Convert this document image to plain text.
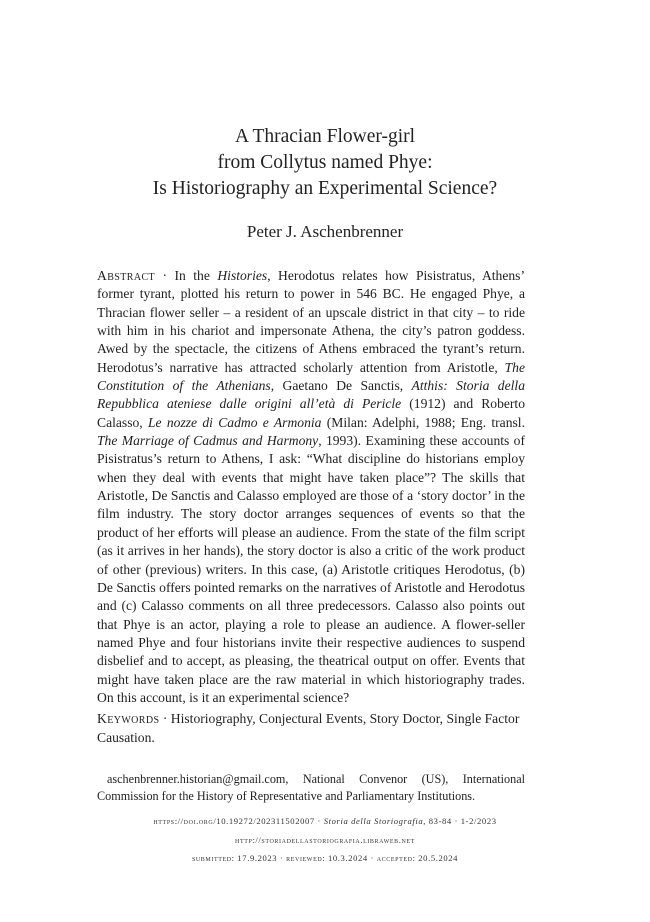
A Thracian Flower-girl
from Collytus named Phye:
Is Historiography an Experimental Science?
Peter J. Aschenbrenner

Abstract · In the Histories, Herodotus relates how Pisistratus, Athens’ former tyrant, plotted his return to power in 546 BC. He engaged Phye, a Thracian flower seller – a resident of an upscale district in that city – to ride with him in his chariot and impersonate Athena, the city’s patron goddess. Awed by the spectacle, the citizens of Athens embraced the tyrant’s return. Herodotus’s narrative has attracted scholarly attention from Aristotle, The Constitution of the Athenians, Gaetano De Sanctis, Atthis: Storia della Repubblica ateniese dalle origini all’età di Pericle (1912) and Roberto Calasso, Le nozze di Cadmo e Armonia (Milan: Adelphi, 1988; Eng. transl. The Marriage of Cadmus and Harmony, 1993). Examining these accounts of Pisistratus’s return to Athens, I ask: “What discipline do historians employ when they deal with events that might have taken place”? The skills that Aristotle, De Sanctis and Calasso employed are those of a ‘story doctor’ in the film industry. The story doctor arranges sequences of events so that the product of her efforts will please an audience. From the state of the film script (as it arrives in her hands), the story doctor is also a critic of the work product of other (previous) writers. In this case, (a) Aristotle critiques Herodotus, (b) De Sanctis offers pointed remarks on the narratives of Aristotle and Herodotus and (c) Calasso comments on all three predecessors. Calasso also points out that Phye is an actor, playing a role to please an audience. A flower-seller named Phye and four historians invite their respective audiences to suspend disbelief and to accept, as pleasing, the theatrical output on offer. Events that might have taken place are the raw material in which historiography trades. On this account, is it an experimental science?

Keywords · Historiography, Conjectural Events, Story Doctor, Single Factor Causation.
aschenbrenner.historian@gmail.com, National Convenor (US), International Commission for the History of Representative and Parliamentary Institutions.
https://doi.org/10.19272/202311502007 · Storia della Storiografia, 83-84 · 1-2/2023
http://storiadellastoriografia.libraweb.net
submitted: 17.9.2023 · reviewed: 10.3.2024 · accepted: 20.5.2024
